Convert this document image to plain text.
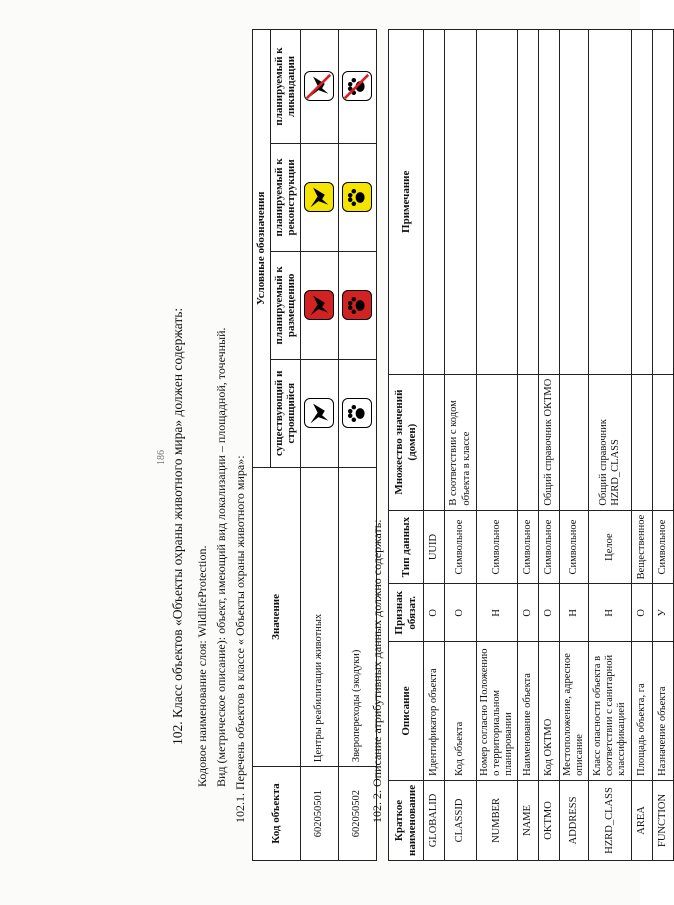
186 102. Класс объектов «Объекты охраны животного мира» должен содержать: Кодовое наименование слоя: WildlifeProtection. Вид (метрическое описание): объект, имеющий вид локализации – площадной, точечный. 102.1. Перечень объектов в классе « Объекты охраны животного мира»: Код объекта	Значение	Условные обозначения			
		существующий и строящийся	планируемый к размещению	планируемый к реконструкции	планируемый к ликвидации
602050501	Центры реабилитации животных	

602050502	Зверопереходы (экодуки)	

	102. 2. Описание атрибутивных данных должно содержать: Краткое наименование	Описание	Признак обязат.	Тип данных	Множество значений (домен)	Примечание
GLOBALID	Идентификатор объекта	О	UUID		
CLASSID	Код объекта	О	Символьное	В соответствии с кодом объекта в классе	
NUMBER	Номер согласно Положению о территориальном планировании	Н	Символьное		
NAME	Наименование объекта	О	Символьное		
OKTMO	Код ОКТМО	О	Символьное	Общий справочник ОКТМО	
ADDRESS	Местоположение, адресное описание	Н	Символьное		
HZRD_CLASS	Класс опасности объекта в соответствии с санитарной классификацией	Н	Целое	Общий справочник HZRD_CLASS	
AREA	Площадь объекта, га	О	Вещественное		
FUNCTION	Назначение объекта	У	Символьное		
